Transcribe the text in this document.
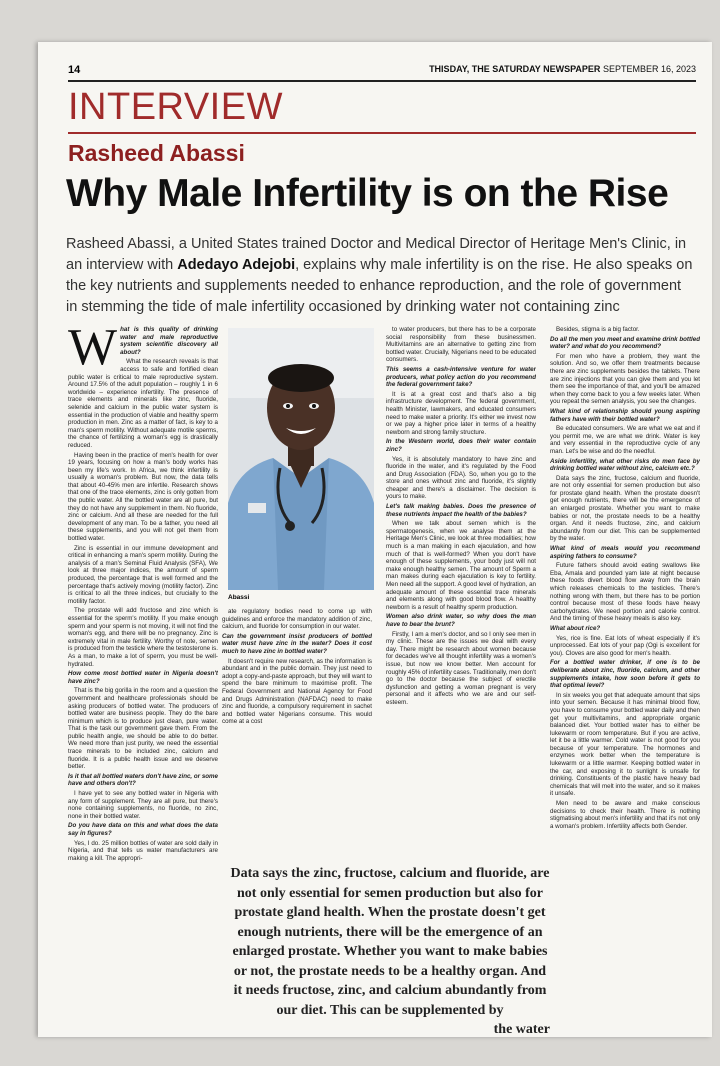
14	THISDAY, THE SATURDAY NEWSPAPER SEPTEMBER 16, 2023
INTERVIEW
Rasheed Abassi
Why Male Infertility is on the Rise
Rasheed Abassi, a United States trained Doctor and Medical Director of Heritage Men's Clinic, in an interview with Adedayo Adejobi, explains why male infertility is on the rise. He also speaks on the key nutrients and supplements needed to enhance reproduction, and the role of government in stemming the tide of male infertility occasioned by drinking water not containing zinc
W hat is this quality of drinking water and male reproductive system scientific discovery all about?

What the research reveals is that access to safe and fortified clean public water is critical to male reproductive system. Around 17.5% of the adult population – roughly 1 in 6 worldwide – experience infertility. The presence of trace elements and minerals like zinc, fluoride, selenide and calcium in the public water system is essential in the production of viable and healthy sperm production in men. Zinc as a matter of fact, is key to a man's sperm motility. Without adequate motile sperms, the chance of fertilizing a woman's egg is drastically reduced.

Having been in the practice of men's health for over 19 years, focusing on how a man's body works has been my life's work. In Africa, we think infertility is usually a woman's problem. But now, the data tells that about 40-45% men are infertile. Research shows that one of the trace elements, zinc is only gotten from the public water. All the bottled water are all pure, but they do not have any supplement in them. No fluoride, zinc or calcium. And all these are needed for the full development of any man. To be a father, you need all these supplements, and you will not get them from bottled water.

Zinc is essential in our immune development and critical in enhancing a man's sperm motility. During the analysis of a man's Seminal Fluid Analysis (SFA), We look at three major indices, the amount of sperm produced, the percentage that is well formed and the percentage that's actively moving (motility factor). Zinc is critical to all the three indices, but crucially to the motility factor.

The prostate will add fructose and zinc which is essential for the sperm's motility. If you make enough sperm and your sperm is not moving, it will not find the woman's egg, and there will be no pregnancy. Zinc is extremely vital in male fertility. Worthy of note, semen is produced from the testicle where the testosterone is. As a man, to make a lot of sperm, you must be well-hydrated.

How come most bottled water in Nigeria doesn't have zinc?

That is the big gorilla in the room and a question the government and healthcare professionals should be asking producers of bottled water. The producers of bottled water are business people. They do the bare minimum which is to produce just clean, pure water. That is the task our government gave them. From the public health angle, we should be able to do better. We need more than just purity, we need the essential trace minerals to be included zinc, calcium and fluoride. It is a public health issue and we deserve better.

Is it that all bottled waters don't have zinc, or some have and others don't?

I have yet to see any bottled water in Nigeria with any form of supplement. They are all pure, but there's none containing supplements, no fluoride, no zinc, none in their bottled water.

Do you have data on this and what does the data say in figures?

Yes, I do. 25 million bottles of water are sold daily in Nigeria, and that tells us water manufacturers are making a kill. The appropri-

Abassi

ate regulatory bodies need to come up with guidelines and enforce the mandatory addition of zinc, calcium, and fluoride for consumption in our water.

Can the government insist producers of bottled water must have zinc in the water? Does it cost much to have zinc in bottled water?

It doesn't require new research, as the information is abundant and in the public domain. They just need to adopt a copy-and-paste approach, but they will want to spend the bare minimum to maximise profit. The Federal Government and National Agency for Food and Drugs Administration (NAFDAC) need to make zinc and fluoride, a compulsory requirement in sachet and bottled water Nigerians consume. This would come at a cost

to water producers, but there has to be a corporate social responsibility from these businessmen. Multivitamins are an alternative to getting zinc from bottled water. Crucially, Nigerians need to be educated consumers.

This seems a cash-intensive venture for water producers, what policy action do you recommend the federal government take?

It is at a great cost and that's also a big infrastructure development. The federal government, health Minister, lawmakers, and educated consumers need to make water a priority. It's either we invest now or we pay a higher price later in terms of a healthy newborn and strong family structure.

In the Western world, does their water contain zinc?

Yes, it is absolutely mandatory to have zinc and fluoride in the water, and it's regulated by the Food and Drug Association (FDA). So, when you go to the store and ones without zinc and fluoride, it's slightly cheaper and there's a disclaimer. The decision is yours to make.

Let's talk making babies. Does the presence of these nutrients impact the health of the babies?

When we talk about semen which is the spermatogenesis, when we analyse them at the Heritage Men's Clinic, we look at three modalities; how much is a man making in each ejaculation, and how much of that is well-formed? When you don't have enough of these supplements, your body just will not make enough healthy semen. The amount of Sperm a man makes during each ejaculation is key to fertility. Men need all the support. A good level of hydration, an adequate amount of these essential trace minerals and elements along with good blood flow. A healthy newborn is a result of healthy sperm production.

Women also drink water, so why does the man have to bear the brunt?

Firstly, I am a men's doctor, and so I only see men in my clinic. These are the issues we deal with every day. There might be research about women because for decades we've all thought infertility was a women's issue, but now we know better. Men account for roughly 45% of infertility cases. Traditionally, men don't go to the doctor because the subject of erectile dysfunction and getting a woman pregnant is very personal and it affects who we are and our self-esteem.

Besides, stigma is a big factor.

Do all the men you meet and examine drink bottled water? and what do you recommend?

For men who have a problem, they want the solution. And so, we offer them treatments because there are zinc supplements besides the tablets. There are zinc injections that you can give them and you let them see the importance of that, and you'll be amazed when they come back to you a few weeks later. When you repeat the semen analysis, you see the changes.

What kind of relationship should young aspiring fathers have with their bottled water?

Be educated consumers. We are what we eat and if you permit me, we are what we drink. Water is key and very essential in the reproductive cycle of any man. Let's be wise and do the needful.

Aside infertility, what other risks do men face by drinking bottled water without zinc, calcium etc.?

Data says the zinc, fructose, calcium and fluoride, are not only essential for semen production but also for prostate gland health. When the prostate doesn't get enough nutrients, there will be the emergence of an enlarged prostate. Whether you want to make babies or not, the prostate needs to be a healthy organ. And it needs fructose, zinc, and calcium abundantly from our diet. This can be supplemented by the water.

What kind of meals would you recommend aspiring fathers to consume?

Future fathers should avoid eating swallows like Eba, Amala and pounded yam late at night because these foods divert blood flow away from the brain which releases chemicals to the testicles. There's nothing wrong with them, but there has to be portion control because most of these foods have heavy carbohydrates. We need portion and calorie control. And the timing of these heavy meals is also key.

What about rice?

Yes, rice is fine. Eat lots of wheat especially if it's unprocessed. Eat lots of your pap (Ogi is excellent for you). Cloves are also good for men's health.

For a bottled water drinker, if one is to be deliberate about zinc, fluoride, calcium, and other supplements intake, how soon before it gets to that optimal level?

In six weeks you get that adequate amount that sips into your semen. Because it has minimal blood flow, you have to consume your bottled water daily and then get your multivitamins, and appropriate organic balanced diet. Your bottled water has to either be lukewarm or room temperature. But if you are active, let it be a little warmer. Cold water is not good for you because of your temperature. The hormones and enzymes work better when the temperature is lukewarm or a little warmer. Keeping bottled water in the car, and exposing it to sunlight is unsafe for drinking. Constituents of the plastic have heavy bad chemicals that will melt into the water, and so it makes it unsafe.

Men need to be aware and make conscious decisions to check their health. There is nothing stigmatising about men's infertility and that it's not only a woman's problem. Infertility affects both Gender.

Data says the zinc, fructose, calcium and fluoride, are not only essential for semen production but also for prostate gland health. When the prostate doesn't get enough nutrients, there will be the emergence of an enlarged prostate. Whether you want to make babies or not, the prostate needs to be a healthy organ. And it needs fructose, zinc, and calcium abundantly from our diet. This can be supplemented by
the water
